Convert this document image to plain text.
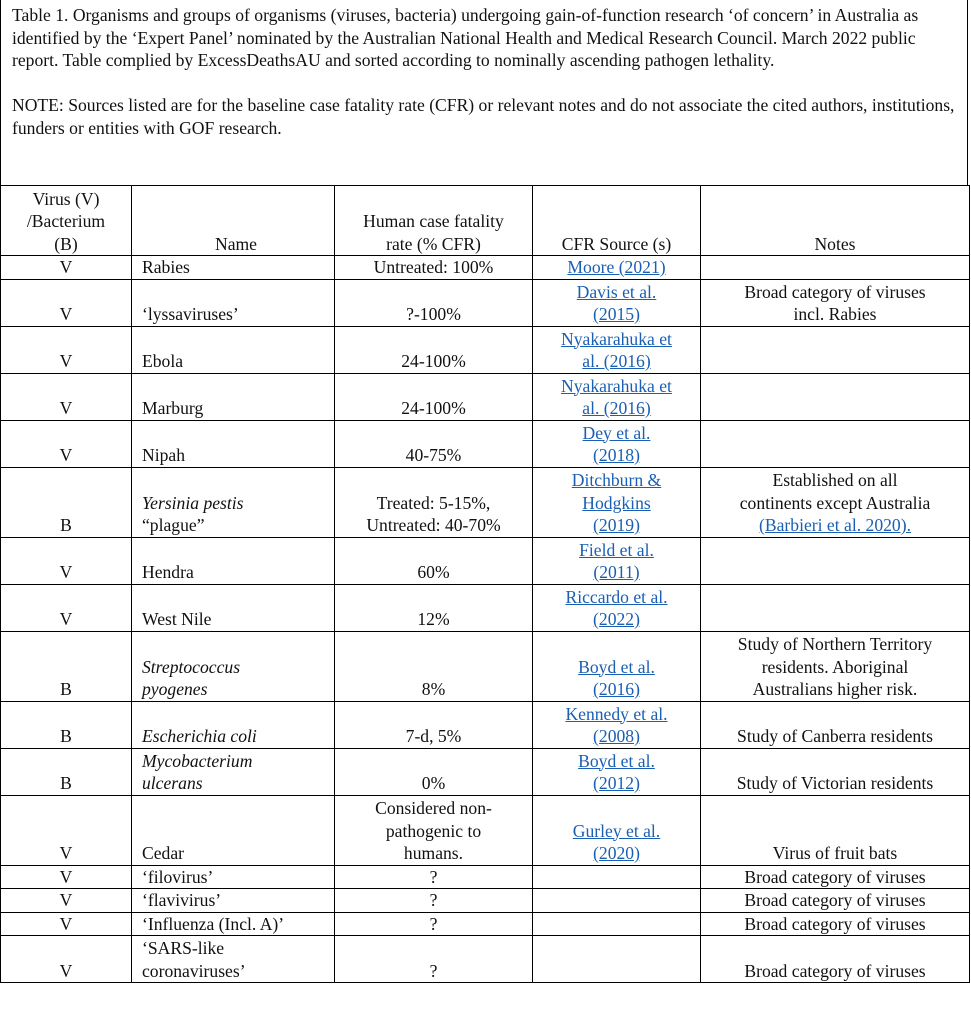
Table 1. Organisms and groups of organisms (viruses, bacteria) undergoing gain-of-function research ‘of concern’ in Australia as identified by the ‘Expert Panel’ nominated by the Australian National Health and Medical Research Council. March 2022 public report. Table complied by ExcessDeathsAU and sorted according to nominally ascending pathogen lethality.

NOTE: Sources listed are for the baseline case fatality rate (CFR) or relevant notes and do not associate the cited authors, institutions, funders or entities with GOF research.

Virus (V)
/Bacterium
(B)	Name	Human case fatality
rate (% CFR)	CFR Source (s)	Notes
V	Rabies	Untreated: 100%	Moore (2021)	

V	‘lyssaviruses’	?-100%	Davis et al.
(2015)	Broad category of viruses
incl. Rabies

V	Ebola	24-100%	Nyakarahuka et
al. (2016)	

V	Marburg	24-100%	Nyakarahuka et
al. (2016)	

V	Nipah	40-75%	Dey et al.
(2018)	

B	Yersinia pestis
“plague”	Treated: 5-15%,
Untreated: 40-70%	Ditchburn &
Hodgkins
(2019)	Established on all
continents except Australia
(Barbieri et al. 2020).

V	Hendra	60%	Field et al.
(2011)	

V	West Nile	12%	Riccardo et al.
(2022)	

B	Streptococcus
pyogenes	8%	Boyd et al.
(2016)	Study of Northern Territory
residents. Aboriginal
Australians higher risk.

B	Escherichia coli	7-d, 5%	Kennedy et al.
(2008)	Study of Canberra residents

B	Mycobacterium
ulcerans	0%	Boyd et al.
(2012)	Study of Victorian residents

V	Cedar	Considered non-
pathogenic to
humans.	Gurley et al.
(2020)	Virus of fruit bats

V	‘filovirus’	?		Broad category of viruses

V	‘flavivirus’	?		Broad category of viruses

V	‘Influenza (Incl. A)’	?		Broad category of viruses

V	‘SARS-like
coronaviruses’	?		Broad category of viruses
